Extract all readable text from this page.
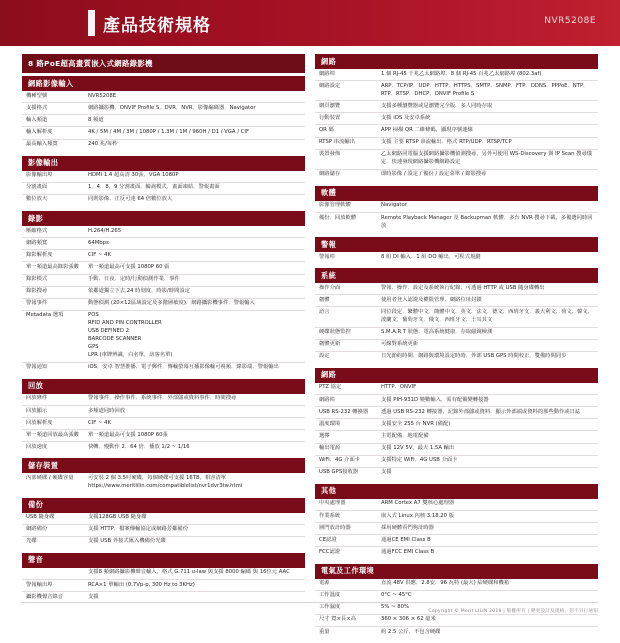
產品技術規格	NVR5208E
8 路PoE超高畫質嵌入式網路錄影機
網路影像輸入
機種型號	NVR5208E

支援格式	網路攝影機．ONVIF Profile S．DVR．NVR．影像編碼器．Navigator

輸入頻道	8 頻道

輸入解析度	4K / 5M / 4M / 3M / 1080P / 1.3M / 1M / 960H / D1 / VGA / CIF

最高輸入頻寬	240 兆/每秒
影像輸出
影像輸出埠	HDMI 1.4 超高清 30張．VGA 1080P

分割畫面	1．4．8．9 分割畫面．輪詢模式．畫面凍結．警報畫面

數位放大	同則影像．正反可達 64 倍數位放大
錄影
壓縮格式	H.264/H.265

網路頻寬	64Mbps

錄影解析度	CIF ~ 4K

單一頻道最高錄影張數	單一頻道最高可支援 1080P 60 張

錄影模式	手動．日夜．定時/行動偵測作業．事件

錄影搜尋	依鄰道獨立下去,24 時刻度．時影/時間設定

警報事件	動態偵測 (20×12區域設定及多階層敏度)．網路攝影機事件．警報輸入

Metadata 選項	POS
RFID AND PIN CONTROLLER
USB DEFINED 2
BARCODE SCANNER
GPS
LPR (車牌辨識，白名單，訪客名單)

警報通知	iOS．安卓 智慧推播．電子郵件．傳輸螢幕互播影像輸可視頻．錄影端．警報輸出
回放
回放條件	警報事件．操作事件．系統事件．外部儲或資料事件．時間搜尋

回放顯示	多頻道同時回放

回放解析度	CIF ~ 4K

單一頻道回放最高張數	單一頻道最高可支援 1080P 60張

回放速度	快轉．慢動作 2．64 倍．播放 1/2 ~ 1/16
儲存裝置
內部硬碟 / 硬碟容量	可安裝 2 個 3.5吋硬碟，每個硬碟可支援 16TB，相容清單 https://www.meritlilin.com/compatiblelist/nvr1dvr3tw.html
備份
USB 隨身碟	支援128GB USB 隨身碟

網路備份	支援 HTTP．檔案傳輸協定或網路芳鄰備份

光碟	支援 USB 外接式匯入機備份光碟
聲音

	支援8 頻網路攝影機聲音輸入，格式 G.711 u-law 與支援 8000 編碼 與 16位元 AAC

警報輸出埠	RCA×1 單輸出 (0.7Vp-p, 300 Hz to 3KHz)

攝影機聲音錄音	支援
網路
網路埠	1 個 RJ-45 千兆乙太網路埠．8 個 RJ-45 百兆乙太網路埠 (802.3af)

網路設定	ARP．TCP/IP．UDP．HTTP．HTTPS．SMTP．SNMP．FTP．DDNS．PPPoE．NTP．RTP．RTSP．DHCP．ONVIF Profile S

網頁瀏覽	支援多種瀏覽器或是瀏覽完全版．多人同時存取

行動裝置	支援 iOS 及安卓系統

QR 碼	APP 掃描 QR 二維條碼，顯現序號連線

RTSP 串流輸出	支援 主要 RTSP 串流輸出．格式 RTP/UDP．RTSP/TCP

裝置發佈	乙太網路同電腦支援網路攝影機偵測搜尋，另外可使用 WS-Discovery 與 IP Scan 搜尋儀定．快速發現網路攝影機網路設定

網路儲存	即時影像 / 設定 / 備份 / 設定菜單 / 錄影搜尋
軟體
影像管理軟體	Navigator

備份．回放軟體	Remote Playback Manager 及 Backupman 軟體．多台 NVR 搜尋下載，多備選同時回放
警報
警報埠	8 組 DI 輸入．1 組 DO 輸出．可程式規劃
系統
操作介面	警報．操作．設定及系統執行紀錄．可透過 HTTP 或 USB 隨身碟轉出

韌體	使用者登入認證及權限管理．網路位址封鎖

語言	同位段定．繁體中文．簡體中文．英文．法文．德文．西班牙文．義大利文．荷文．韓文．波蘭文．葡萄牙文．俄文．西班牙文．土耳其文

硬碟狀態監控	S.M.A.R.T 狀態．電高系統健康．存取磁鏡檢測

韌體更新	可線對系統更新

設定	日光節約時間．網路與環境設定時時．外部 USB GPS 時間校正．雙備時間同步
網路
PTZ 協定	HTTP．ONVIF

網路埠	支援 PIH-931D 變數輸入．需有配備變轉接器

USB RS-232 轉換器	透過 USB RS-232 轉接器，記錄外部儲或資料．顯示外部端或資料的那些動作或日誌

溫度環境	支援安全 255 台 NVR (備配)

選擇	主電配備．地電配備

輸出電源	支援 12V 5V，最大 1.5A 輸出

WiFi．4G 介面卡	支援特定 WiFi．4G USB 介面卡

USB GPS接收器	支援
其他
中央處理器	ARM Cortex A7 雙核心處理器

作業系統	嵌入式 Linux 內核 3.18.20 版

層門放計時器	採用硬體看門狗計時器

CE認證	通過CE EMI Class B

FCC認證	通過FCC EMI Class B
電氣及工作環境
電源	直流 48V 供應．2.8安．96 瓦特 (最大) 給硬碟和機箱

工作溫度	0°C ~ 45°C

工作濕度	5% ~ 80%

尺寸 寬×長×高	360 × 306 × 62 毫米

重量	約 2.5 公斤．不包含硬碟
Copyright © Merit LILIN 2019 | 版權所有 | 變更設計及規格，恕不另行通知
